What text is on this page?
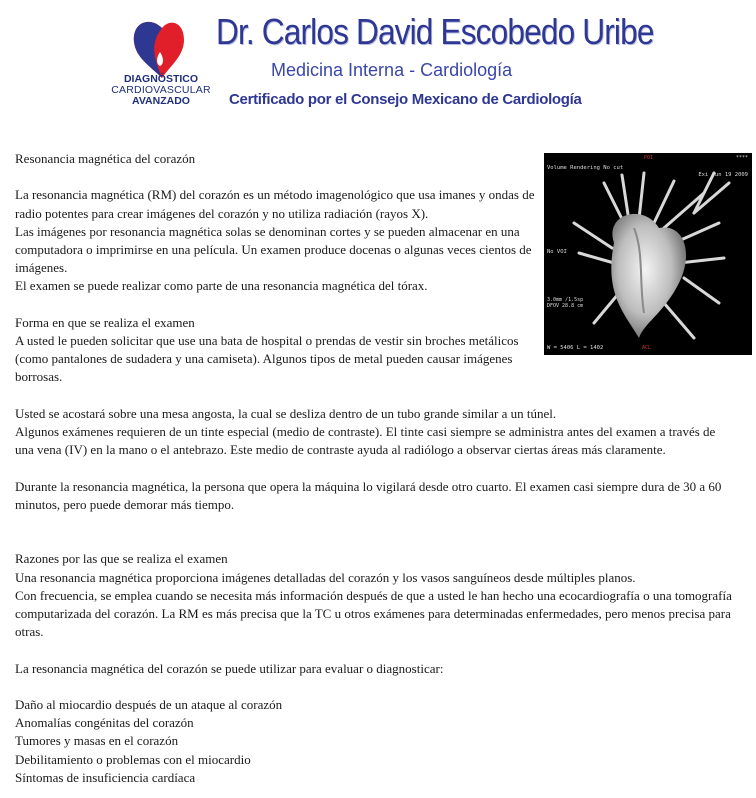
DIAGNÓSTICO
CARDIOVASCULAR
AVANZADO
Dr. Carlos David Escobedo Uribe
Medicina Interna - Cardiología
Certificado por el Consejo Mexicano de Cardiología
POI	****
Volume Rendering No cut
Exi Jun 19 2009
No VOI
3.0mm /1.5sp
DFOV 28.8 cm
W = 5406 L = 1402	ACL

Resonancia magnética del corazón

La resonancia magnética (RM) del corazón es un método imagenológico que usa imanes y ondas de radio potentes para crear imágenes del corazón y no utiliza radiación (rayos X).

Las imágenes por resonancia magnética solas se denominan cortes y se pueden almacenar en una computadora o imprimirse en una película. Un examen produce docenas o algunas veces cientos de imágenes.

El examen se puede realizar como parte de una resonancia magnética del tórax.

Forma en que se realiza el examen

A usted le pueden solicitar que use una bata de hospital o prendas de vestir sin broches metálicos (como pantalones de sudadera y una camiseta). Algunos tipos de metal pueden causar imágenes borrosas.

Usted se acostará sobre una mesa angosta, la cual se desliza dentro de un tubo grande similar a un túnel.

Algunos exámenes requieren de un tinte especial (medio de contraste). El tinte casi siempre se administra antes del examen a través de una vena (IV) en la mano o el antebrazo. Este medio de contraste ayuda al radiólogo a observar ciertas áreas más claramente.

Durante la resonancia magnética, la persona que opera la máquina lo vigilará desde otro cuarto. El examen casi siempre dura de 30 a 60 minutos, pero puede demorar más tiempo.

Razones por las que se realiza el examen

Una resonancia magnética proporciona imágenes detalladas del corazón y los vasos sanguíneos desde múltiples planos.

Con frecuencia, se emplea cuando se necesita más información después de que a usted le han hecho una ecocardiografía o una tomografía computarizada del corazón. La RM es más precisa que la TC u otros exámenes para determinadas enfermedades, pero menos precisa para otras.

La resonancia magnética del corazón se puede utilizar para evaluar o diagnosticar:

Daño al miocardio después de un ataque al corazón

Anomalías congénitas del corazón

Tumores y masas en el corazón

Debilitamiento o problemas con el miocardio

Síntomas de insuficiencia cardíaca
